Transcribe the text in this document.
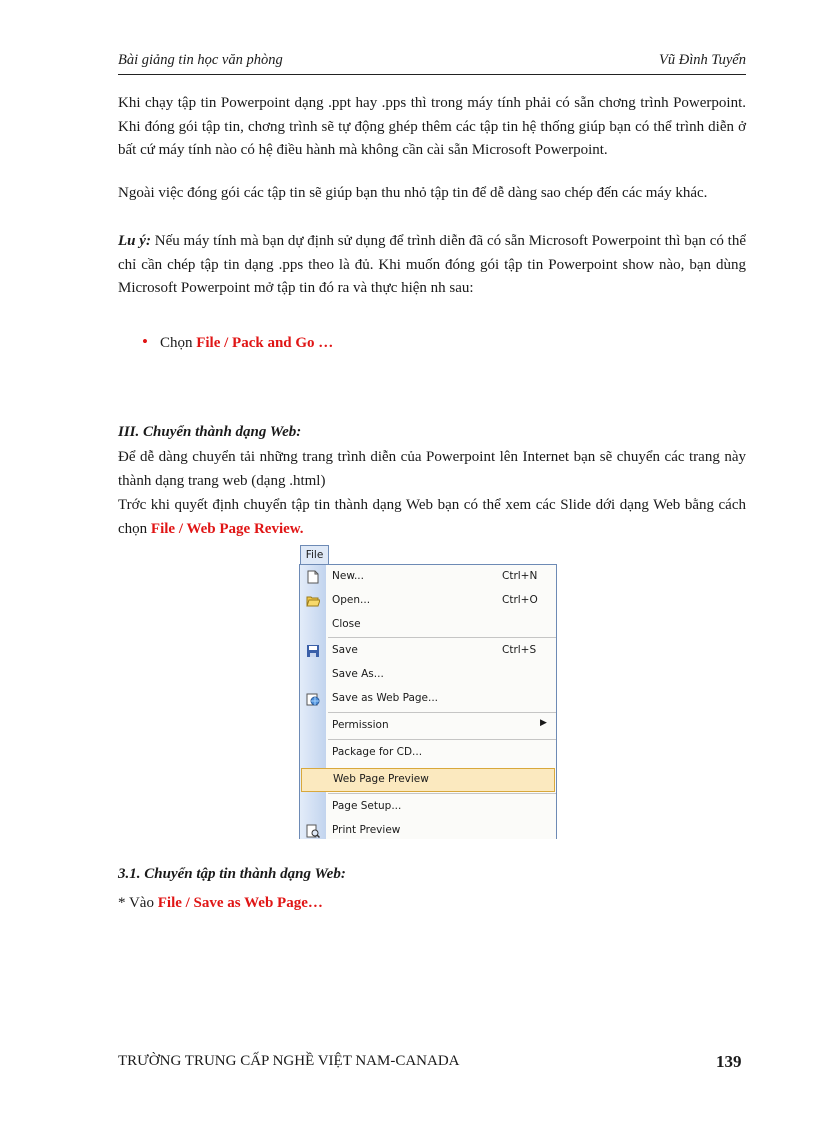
Bài giảng tin học văn phòng	Vũ Đình Tuyển

Khi chạy tập tin Powerpoint dạng .ppt hay .pps thì trong máy tính phải có sẵn chơng trình Powerpoint. Khi đóng gói tập tin, chơng trình sẽ tự động ghép thêm các tập tin hệ thống giúp bạn có thể trình diễn ở bất cứ máy tính nào có hệ điều hành mà không cần cài sẵn Microsoft Powerpoint.

Ngoài việc đóng gói các tập tin sẽ giúp bạn thu nhỏ tập tin để dễ dàng sao chép đến các máy khác.

Lu ý: Nếu máy tính mà bạn dự định sử dụng để trình diễn đã có sẵn Microsoft Powerpoint thì bạn có thể chỉ cần chép tập tin dạng .pps theo là đủ. Khi muốn đóng gói tập tin Powerpoint show nào, bạn dùng Microsoft Powerpoint mở tập tin đó ra và thực hiện nh sau:

• Chọn File / Pack and Go …
III. Chuyển thành dạng Web:

Để dễ dàng chuyển tải những trang trình diễn của Powerpoint lên Internet bạn sẽ chuyển các trang này thành dạng trang web (dạng .html)

Trớc khi quyết định chuyển tập tin thành dạng Web bạn có thể xem các Slide dới dạng Web bằng cách chọn File / Web Page Review.

File
New...	Ctrl+N
Open...	Ctrl+O
Close
Save	Ctrl+S
Save As...
Save as Web Page...
Permission	▶
Package for CD...
Web Page Preview
Page Setup...
Print Preview
3.1. Chuyển tập tin thành dạng Web:
* Vào File / Save as Web Page…
TRƯỜNG TRUNG CẤP NGHỀ VIỆT NAM-CANADA	139
